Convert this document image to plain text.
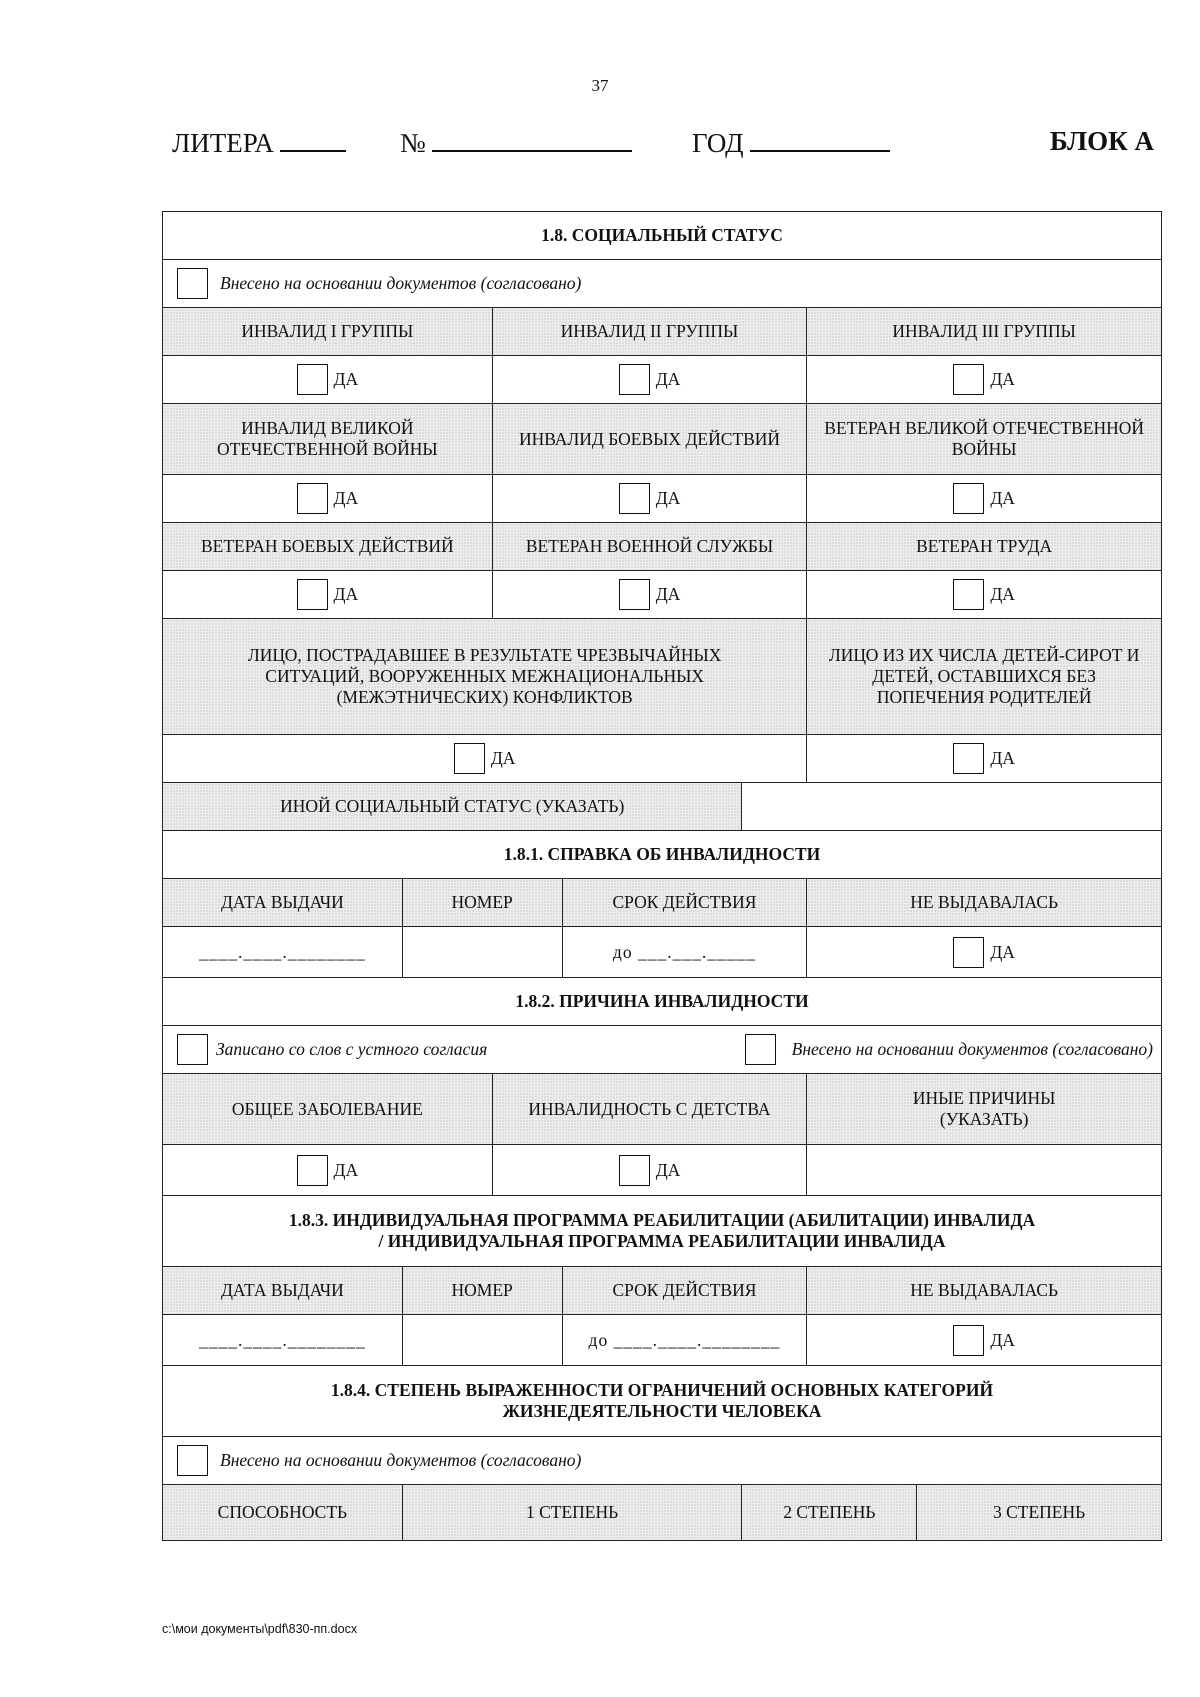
37
ЛИТЕРА	№	ГОД	БЛОК А
1.8. СОЦИАЛЬНЫЙ СТАТУС						
Внесено на основании документов (согласовано)						
ИНВАЛИД I ГРУППЫ		ИНВАЛИД II ГРУППЫ			ИНВАЛИД III ГРУППЫ	
ДА		ДА			ДА	
ИНВАЛИД ВЕЛИКОЙ ОТЕЧЕСТВЕННОЙ ВОЙНЫ		ИНВАЛИД БОЕВЫХ ДЕЙСТВИЙ			ВЕТЕРАН ВЕЛИКОЙ ОТЕЧЕСТВЕННОЙ ВОЙНЫ	
ДА		ДА			ДА	
ВЕТЕРАН БОЕВЫХ ДЕЙСТВИЙ		ВЕТЕРАН ВОЕННОЙ СЛУЖБЫ			ВЕТЕРАН ТРУДА	
ДА		ДА			ДА	
ЛИЦО, ПОСТРАДАВШЕЕ В РЕЗУЛЬТАТЕ ЧРЕЗВЫЧАЙНЫХ СИТУАЦИЙ, ВООРУЖЕННЫХ МЕЖНАЦИОНАЛЬНЫХ (МЕЖЭТНИЧЕСКИХ) КОНФЛИКТОВ					ЛИЦО ИЗ ИХ ЧИСЛА ДЕТЕЙ-СИРОТ И ДЕТЕЙ, ОСТАВШИХСЯ БЕЗ ПОПЕЧЕНИЯ РОДИТЕЛЕЙ	
ДА					ДА	
ИНОЙ СОЦИАЛЬНЫЙ СТАТУС (УКАЗАТЬ)						
1.8.1. СПРАВКА ОБ ИНВАЛИДНОСТИ						
ДАТА ВЫДАЧИ	НОМЕР		СРОК ДЕЙСТВИЯ		НЕ ВЫДАВАЛАСЬ	
____.____.________			до ___.___._____		ДА	
1.8.2. ПРИЧИНА ИНВАЛИДНОСТИ						

Записано со слов с устного согласия Внесено на основании документов (согласовано)						

ОБЩЕЕ ЗАБОЛЕВАНИЕ		ИНВАЛИДНОСТЬ С ДЕТСТВА			ИНЫЕ ПРИЧИНЫ (УКАЗАТЬ)	
ДА		ДА				

1.8.3. ИНДИВИДУАЛЬНАЯ ПРОГРАММА РЕАБИЛИТАЦИИ (АБИЛИТАЦИИ) ИНВАЛИДА
/ ИНДИВИДУАЛЬНАЯ ПРОГРАММА РЕАБИЛИТАЦИИ ИНВАЛИДА						

ДАТА ВЫДАЧИ	НОМЕР		СРОК ДЕЙСТВИЯ		НЕ ВЫДАВАЛАСЬ	
____.____.________			до ____.____.________		ДА	

1.8.4. СТЕПЕНЬ ВЫРАЖЕННОСТИ ОГРАНИЧЕНИЙ ОСНОВНЫХ КАТЕГОРИЙ
ЖИЗНЕДЕЯТЕЛЬНОСТИ ЧЕЛОВЕКА						

Внесено на основании документов (согласовано)						
СПОСОБНОСТЬ	1 СТЕПЕНЬ			2 СТЕПЕНЬ		3 СТЕПЕНЬ
c:\мои документы\pdf\830-пп.docx
